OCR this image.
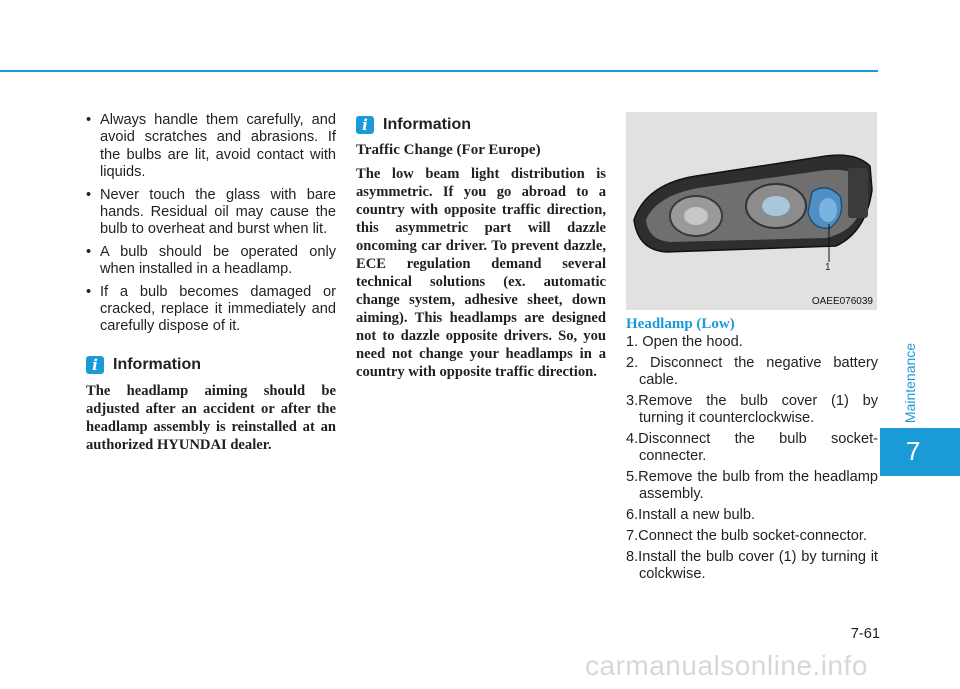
Maintenance
7
• Always handle them carefully, and avoid scratches and abrasions. If the bulbs are lit, avoid contact with liquids.
• Never touch the glass with bare hands. Residual oil may cause the bulb to overheat and burst when lit.
• A bulb should be operated only when installed in a headlamp.
• If a bulb becomes damaged or cracked, replace it immediately and carefully dispose of it.
i Information

The headlamp aiming should be adjusted after an accident or after the headlamp assembly is reinstalled at an authorized HYUNDAI dealer.

i Information

Traffic Change (For Europe)

The low beam light distribution is asymmetric. If you go abroad to a country with opposite traffic direction, this asymmetric part will dazzle oncoming car driver. To prevent dazzle, ECE regulation demand several technical solutions (ex. automatic change system, adhesive sheet, down aiming). This headlamps are designed not to dazzle opposite drivers. So, you need not change your headlamps in a country with opposite traffic direction.

1
OAEE076039
Headlamp (Low)
1. Open the hood.
2. Disconnect the negative battery cable.
3.Remove the bulb cover (1) by turning it counterclockwise.
4.Disconnect the bulb socket-connecter.
5.Remove the bulb from the headlamp assembly.
6.Install a new bulb.
7.Connect the bulb socket-connector.
8.Install the bulb cover (1) by turning it colckwise.
7-61
carmanualsonline.info
